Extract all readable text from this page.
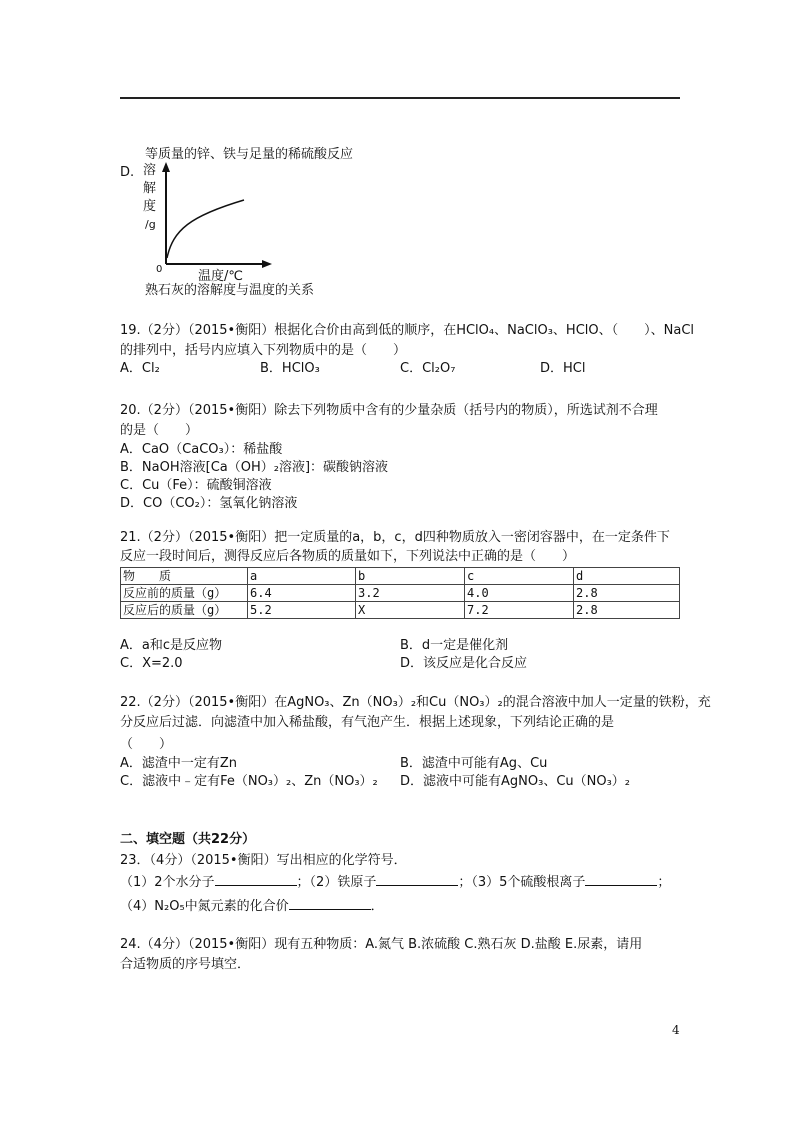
等质量的锌、铁与足量的稀硫酸反应
D. 溶
解
度
/g
0	温度/℃
熟石灰的溶解度与温度的关系
19.（2分）（2015•衡阳）根据化合价由高到低的顺序，在HClO₄、NaClO₃、HClO、（　　）、NaCl
的排列中，括号内应填入下列物质中的是（　　）
A．Cl₂	B．HClO₃	C．Cl₂O₇	D．HCl
20.（2分）（2015•衡阳）除去下列物质中含有的少量杂质（括号内的物质），所选试剂不合理
的是（　　）
A．CaO（CaCO₃）：稀盐酸
B．NaOH溶液[Ca（OH）₂溶液]：碳酸钠溶液
C．Cu（Fe）：硫酸铜溶液
D．CO（CO₂）：氢氧化钠溶液
21.（2分）（2015•衡阳）把一定质量的a，b，c，d四种物质放入一密闭容器中，在一定条件下
反应一段时间后，测得反应后各物质的质量如下，下列说法中正确的是（　　）
物　　质	a	b	c	d
反应前的质量（g）	6.4	3.2	4.0	2.8
反应后的质量（g）	5.2	X	7.2	2.8
A．a和c是反应物	B．d一定是催化剂
C．X=2.0	D．该反应是化合反应
22.（2分）（2015•衡阳）在AgNO₃、Zn（NO₃）₂和Cu（NO₃）₂的混合溶液中加人一定量的铁粉，充
分反应后过滤．向滤渣中加入稀盐酸，有气泡产生．根据上述现象，下列结论正确的是
（　　）
A．滤渣中一定有Zn	B．滤渣中可能有Ag、Cu
C．滤液中﹣定有Fe（NO₃）₂、Zn（NO₃）₂ D．滤液中可能有AgNO₃、Cu（NO₃）₂
二、填空题（共22分）
23．（4分）（2015•衡阳）写出相应的化学符号．
（1）2个水分子	；（2）铁原子	；（3）5个硫酸根离子	；
（4）N₂O₅中氮元素的化合价	．
24.（4分）（2015•衡阳）现有五种物质：A.氮气 B.浓硫酸 C.熟石灰 D.盐酸 E.尿素，请用
合适物质的序号填空．
4
